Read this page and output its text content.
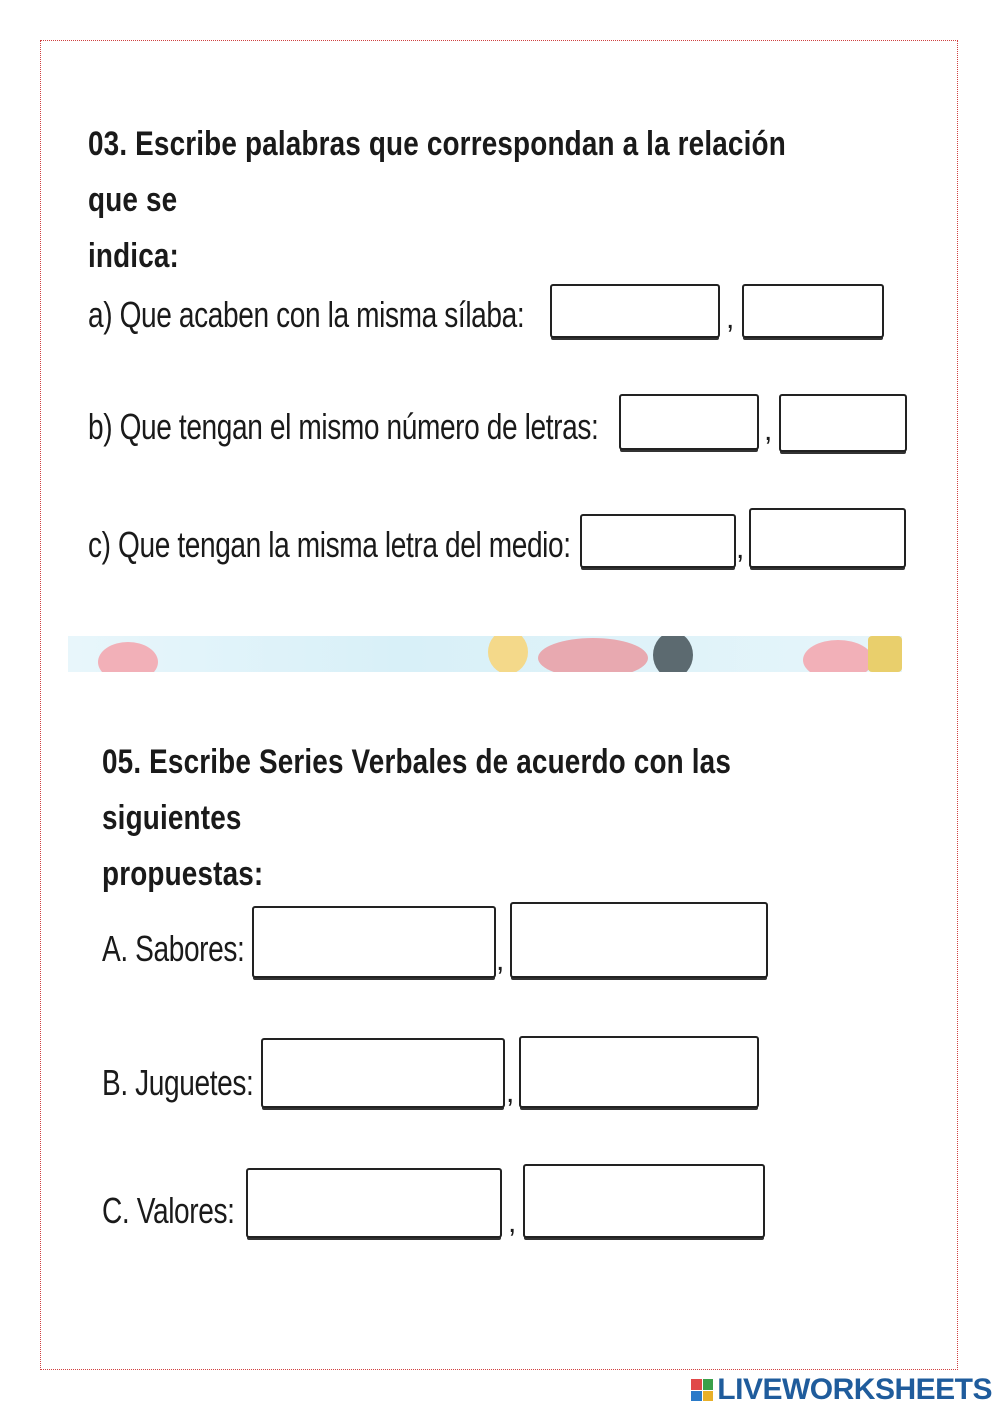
03. Escribe palabras que correspondan a la relación que se
indica:
a) Que acaben con la misma sílaba:	,
b) Que tengan el mismo número de letras:	,
c) Que tengan la misma letra del medio:	,
05. Escribe Series Verbales de acuerdo con las siguientes
propuestas:
A. Sabores:	,
B. Juguetes:	,
C. Valores:	,
LIVEWORKSHEETS
